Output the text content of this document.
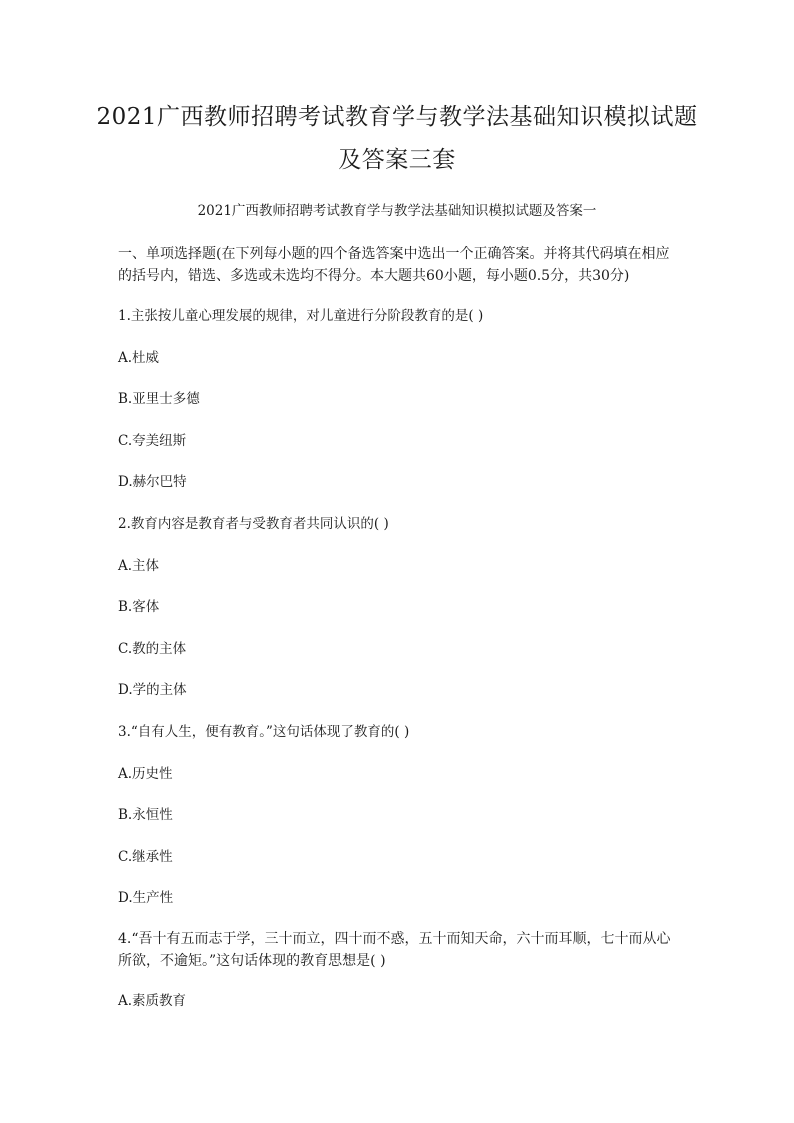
2021广西教师招聘考试教育学与教学法基础知识模拟试题
及答案三套
2021广西教师招聘考试教育学与教学法基础知识模拟试题及答案一
一、单项选择题(在下列每小题的四个备选答案中选出一个正确答案。并将其代码填在相应的括号内，错选、多选或未选均不得分。本大题共60小题，每小题0.5分，共30分)
1.主张按儿童心理发展的规律，对儿童进行分阶段教育的是( )
A.杜威
B.亚里士多德
C.夸美纽斯
D.赫尔巴特
2.教育内容是教育者与受教育者共同认识的( )
A.主体
B.客体
C.教的主体
D.学的主体
3.“自有人生，便有教育。”这句话体现了教育的( )
A.历史性
B.永恒性
C.继承性
D.生产性
4.“吾十有五而志于学，三十而立，四十而不惑，五十而知天命，六十而耳顺，七十而从心所欲，不逾矩。”这句话体现的教育思想是( )
A.素质教育
